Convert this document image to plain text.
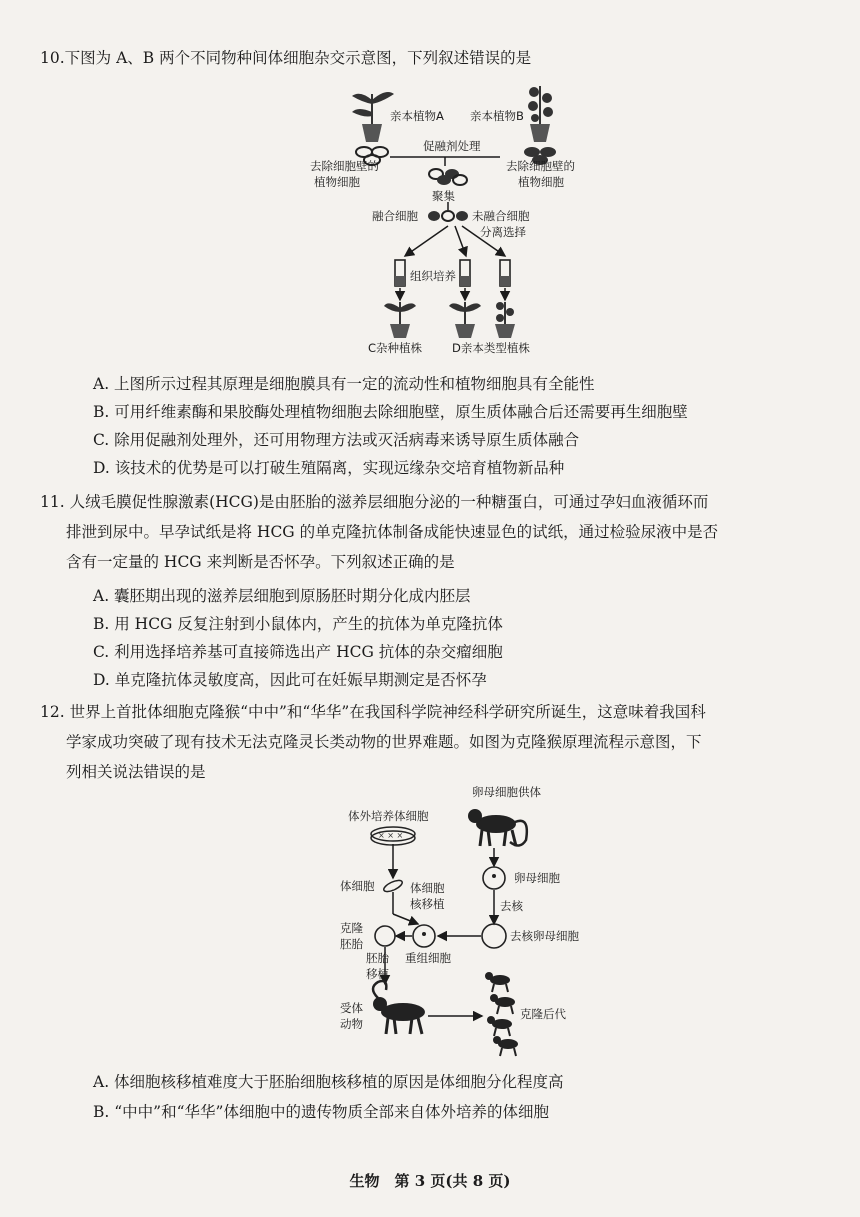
10.下图为 A、B 两个不同物种间体细胞杂交示意图，下列叙述错误的是
亲本植物A 亲本植物B
促融剂处理
去除细胞壁的
植物细胞
去除细胞壁的
植物细胞
聚集
融合细胞	未融合细胞
分离选择
组织培养
C杂种植株	D亲本类型植株
A. 上图所示过程其原理是细胞膜具有一定的流动性和植物细胞具有全能性
B. 可用纤维素酶和果胶酶处理植物细胞去除细胞壁，原生质体融合后还需要再生细胞壁
C. 除用促融剂处理外，还可用物理方法或灭活病毒来诱导原生质体融合
D. 该技术的优势是可以打破生殖隔离，实现远缘杂交培育植物新品种
11. 人绒毛膜促性腺激素(HCG)是由胚胎的滋养层细胞分泌的一种糖蛋白，可通过孕妇血液循环而
排泄到尿中。早孕试纸是将 HCG 的单克隆抗体制备成能快速显色的试纸，通过检验尿液中是否
含有一定量的 HCG 来判断是否怀孕。下列叙述正确的是
A. 囊胚期出现的滋养层细胞到原肠胚时期分化成内胚层
B. 用 HCG 反复注射到小鼠体内，产生的抗体为单克隆抗体
C. 利用选择培养基可直接筛选出产 HCG 抗体的杂交瘤细胞
D. 单克隆抗体灵敏度高，因此可在妊娠早期测定是否怀孕
12. 世界上首批体细胞克隆猴“中中”和“华华”在我国科学院神经科学研究所诞生，这意味着我国科
学家成功突破了现有技术无法克隆灵长类动物的世界难题。如图为克隆猴原理流程示意图，下
列相关说法错误的是
体外培养体细胞
卵母细胞供体
× × ×
体细胞	体细胞
核移植
卵母细胞
去核
去核卵母细胞
重组细胞
克隆
胚胎
胚胎
移植
受体
动物
克隆后代
A. 体细胞核移植难度大于胚胎细胞核移植的原因是体细胞分化程度高
B. “中中”和“华华”体细胞中的遗传物质全部来自体外培养的体细胞
生物　第 3 页(共 8 页)
